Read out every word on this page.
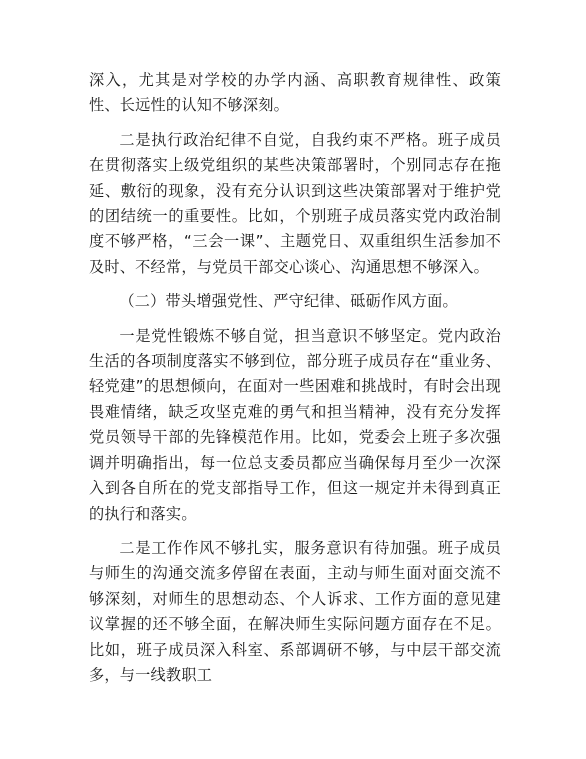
深入，尤其是对学校的办学内涵、高职教育规律性、政策性、长远性的认知不够深刻。

二是执行政治纪律不自觉，自我约束不严格。班子成员在贯彻落实上级党组织的某些决策部署时，个别同志存在拖延、敷衍的现象，没有充分认识到这些决策部署对于维护党的团结统一的重要性。比如，个别班子成员落实党内政治制度不够严格，“三会一课”、主题党日、双重组织生活参加不及时、不经常，与党员干部交心谈心、沟通思想不够深入。

（二）带头增强党性、严守纪律、砥砺作风方面。

一是党性锻炼不够自觉，担当意识不够坚定。党内政治生活的各项制度落实不够到位，部分班子成员存在“重业务、轻党建”的思想倾向，在面对一些困难和挑战时，有时会出现畏难情绪，缺乏攻坚克难的勇气和担当精神，没有充分发挥党员领导干部的先锋模范作用。比如，党委会上班子多次强调并明确指出，每一位总支委员都应当确保每月至少一次深入到各自所在的党支部指导工作，但这一规定并未得到真正的执行和落实。

二是工作作风不够扎实，服务意识有待加强。班子成员与师生的沟通交流多停留在表面，主动与师生面对面交流不够深刻，对师生的思想动态、个人诉求、工作方面的意见建议掌握的还不够全面，在解决师生实际问题方面存在不足。比如，班子成员深入科室、系部调研不够，与中层干部交流多，与一线教职工
